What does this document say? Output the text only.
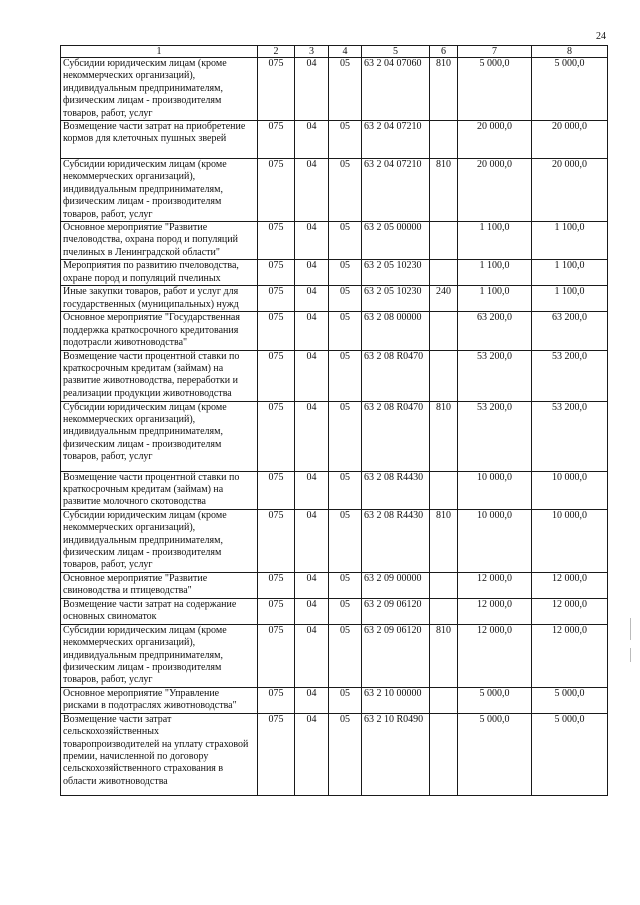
24
1	2	3	4	5	6	7	8
Субсидии юридическим лицам (кроме некоммерческих организаций), индивидуальным предпринимателям, физическим лицам - производителям товаров, работ, услуг	075	04	05	63 2 04 07060	810	5 000,0	5 000,0
Возмещение части затрат на приобретение кормов для клеточных пушных зверей	075	04	05	63 2 04 07210		20 000,0	20 000,0
Субсидии юридическим лицам (кроме некоммерческих организаций), индивидуальным предпринимателям, физическим лицам - производителям товаров, работ, услуг	075	04	05	63 2 04 07210	810	20 000,0	20 000,0
Основное мероприятие "Развитие пчеловодства, охрана пород и популяций пчелиных в Ленинградской области"	075	04	05	63 2 05 00000		1 100,0	1 100,0
Мероприятия по развитию пчеловодства, охране пород и популяций пчелиных	075	04	05	63 2 05 10230		1 100,0	1 100,0
Иные закупки товаров, работ и услуг для государственных (муниципальных) нужд	075	04	05	63 2 05 10230	240	1 100,0	1 100,0
Основное мероприятие "Государственная поддержка краткосрочного кредитования подотрасли животноводства"	075	04	05	63 2 08 00000		63 200,0	63 200,0
Возмещение части процентной ставки по краткосрочным кредитам (займам) на развитие животноводства, переработки и реализации продукции животноводства	075	04	05	63 2 08 R0470		53 200,0	53 200,0
Субсидии юридическим лицам (кроме некоммерческих организаций), индивидуальным предпринимателям, физическим лицам - производителям товаров, работ, услуг	075	04	05	63 2 08 R0470	810	53 200,0	53 200,0
Возмещение части процентной ставки по краткосрочным кредитам (займам) на развитие молочного скотоводства	075	04	05	63 2 08 R4430		10 000,0	10 000,0
Субсидии юридическим лицам (кроме некоммерческих организаций), индивидуальным предпринимателям, физическим лицам - производителям товаров, работ, услуг	075	04	05	63 2 08 R4430	810	10 000,0	10 000,0
Основное мероприятие "Развитие свиноводства и птицеводства"	075	04	05	63 2 09 00000		12 000,0	12 000,0
Возмещение части затрат на содержание основных свиноматок	075	04	05	63 2 09 06120		12 000,0	12 000,0
Субсидии юридическим лицам (кроме некоммерческих организаций), индивидуальным предпринимателям, физическим лицам - производителям товаров, работ, услуг	075	04	05	63 2 09 06120	810	12 000,0	12 000,0
Основное мероприятие "Управление рисками в подотраслях животноводства"	075	04	05	63 2 10 00000		5 000,0	5 000,0
Возмещение части затрат сельскохозяйственных товаропроизводителей на уплату страховой премии, начисленной по договору сельскохозяйственного страхования в области животноводства	075	04	05	63 2 10 R0490		5 000,0	5 000,0
